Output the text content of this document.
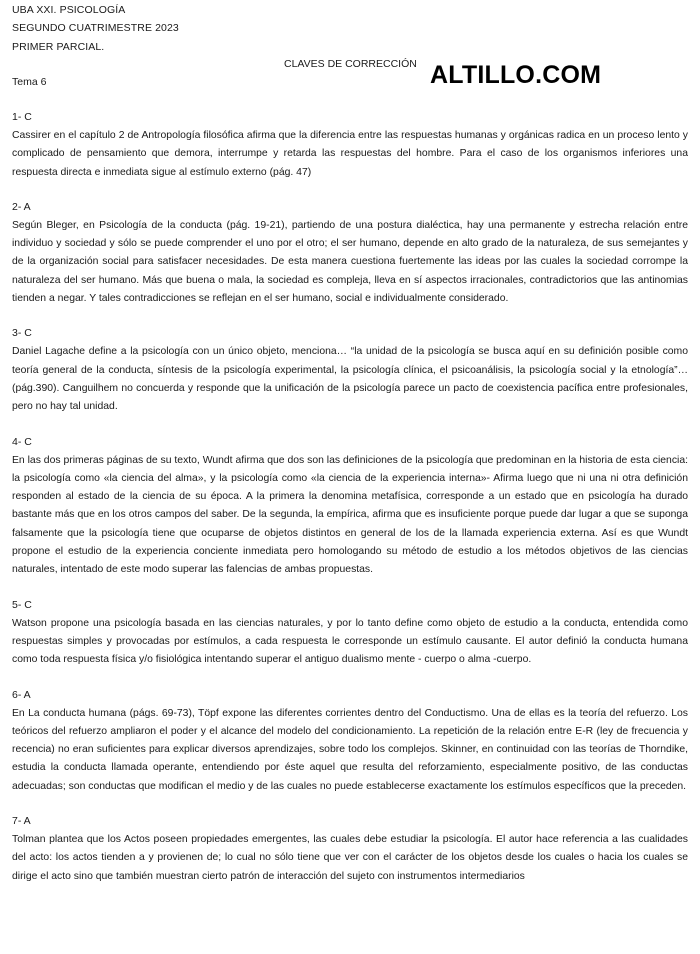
UBA XXI. PSICOLOGÍA
SEGUNDO CUATRIMESTRE 2023
PRIMER PARCIAL.
CLAVES DE CORRECCIÓN ALTILLO.COM
Tema 6
1- C
Cassirer en el capítulo 2 de Antropología filosófica afirma que la diferencia entre las respuestas humanas y orgánicas radica en un proceso lento y complicado de pensamiento que demora, interrumpe y retarda las respuestas del hombre. Para el caso de los organismos inferiores una respuesta directa e inmediata sigue al estímulo externo (pág. 47)
2- A
Según Bleger, en Psicología de la conducta (pág. 19-21), partiendo de una postura dialéctica, hay una permanente y estrecha relación entre individuo y sociedad y sólo se puede comprender el uno por el otro; el ser humano, depende en alto grado de la naturaleza, de sus semejantes y de la organización social para satisfacer necesidades. De esta manera cuestiona fuertemente las ideas por las cuales la sociedad corrompe la naturaleza del ser humano. Más que buena o mala, la sociedad es compleja, lleva en sí aspectos irracionales, contradictorios que las antinomias tienden a negar. Y tales contradicciones se reflejan en el ser humano, social e individualmente considerado.
3- C
Daniel Lagache define a la psicología con un único objeto, menciona… “la unidad de la psicología se busca aquí en su definición posible como teoría general de la conducta, síntesis de la psicología experimental, la psicología clínica, el psicoanálisis, la psicología social y la etnología”… (pág.390). Canguilhem no concuerda y responde que la unificación de la psicología parece un pacto de coexistencia pacífica entre profesionales, pero no hay tal unidad.
4- C
En las dos primeras páginas de su texto, Wundt afirma que dos son las definiciones de la psicología que predominan en la historia de esta ciencia: la psicología como «la ciencia del alma», y la psicología como «la ciencia de la experiencia interna»- Afirma luego que ni una ni otra definición responden al estado de la ciencia de su época. A la primera la denomina metafísica, corresponde a un estado que en psicología ha durado bastante más que en los otros campos del saber. De la segunda, la empírica, afirma que es insuficiente porque puede dar lugar a que se suponga falsamente que la psicología tiene que ocuparse de objetos distintos en general de los de la llamada experiencia externa. Así es que Wundt propone el estudio de la experiencia conciente inmediata pero homologando su método de estudio a los métodos objetivos de las ciencias naturales, intentado de este modo superar las falencias de ambas propuestas.
5- C
Watson propone una psicología basada en las ciencias naturales, y por lo tanto define como objeto de estudio a la conducta, entendida como respuestas simples y provocadas por estímulos, a cada respuesta le corresponde un estímulo causante. El autor definió la conducta humana como toda respuesta física y/o fisiológica intentando superar el antiguo dualismo mente - cuerpo o alma -cuerpo.
6- A
En La conducta humana (págs. 69-73), Töpf expone las diferentes corrientes dentro del Conductismo. Una de ellas es la teoría del refuerzo. Los teóricos del refuerzo ampliaron el poder y el alcance del modelo del condicionamiento. La repetición de la relación entre E-R (ley de frecuencia y recencia) no eran suficientes para explicar diversos aprendizajes, sobre todo los complejos. Skinner, en continuidad con las teorías de Thorndike, estudia la conducta llamada operante, entendiendo por éste aquel que resulta del reforzamiento, especialmente positivo, de las conductas adecuadas; son conductas que modifican el medio y de las cuales no puede establecerse exactamente los estímulos específicos que la preceden.
7- A
Tolman plantea que los Actos poseen propiedades emergentes, las cuales debe estudiar la psicología. El autor hace referencia a las cualidades del acto: los actos tienden a y provienen de; lo cual no sólo tiene que ver con el carácter de los objetos desde los cuales o hacia los cuales se dirige el acto sino que también muestran cierto patrón de interacción del sujeto con instrumentos intermediarios
